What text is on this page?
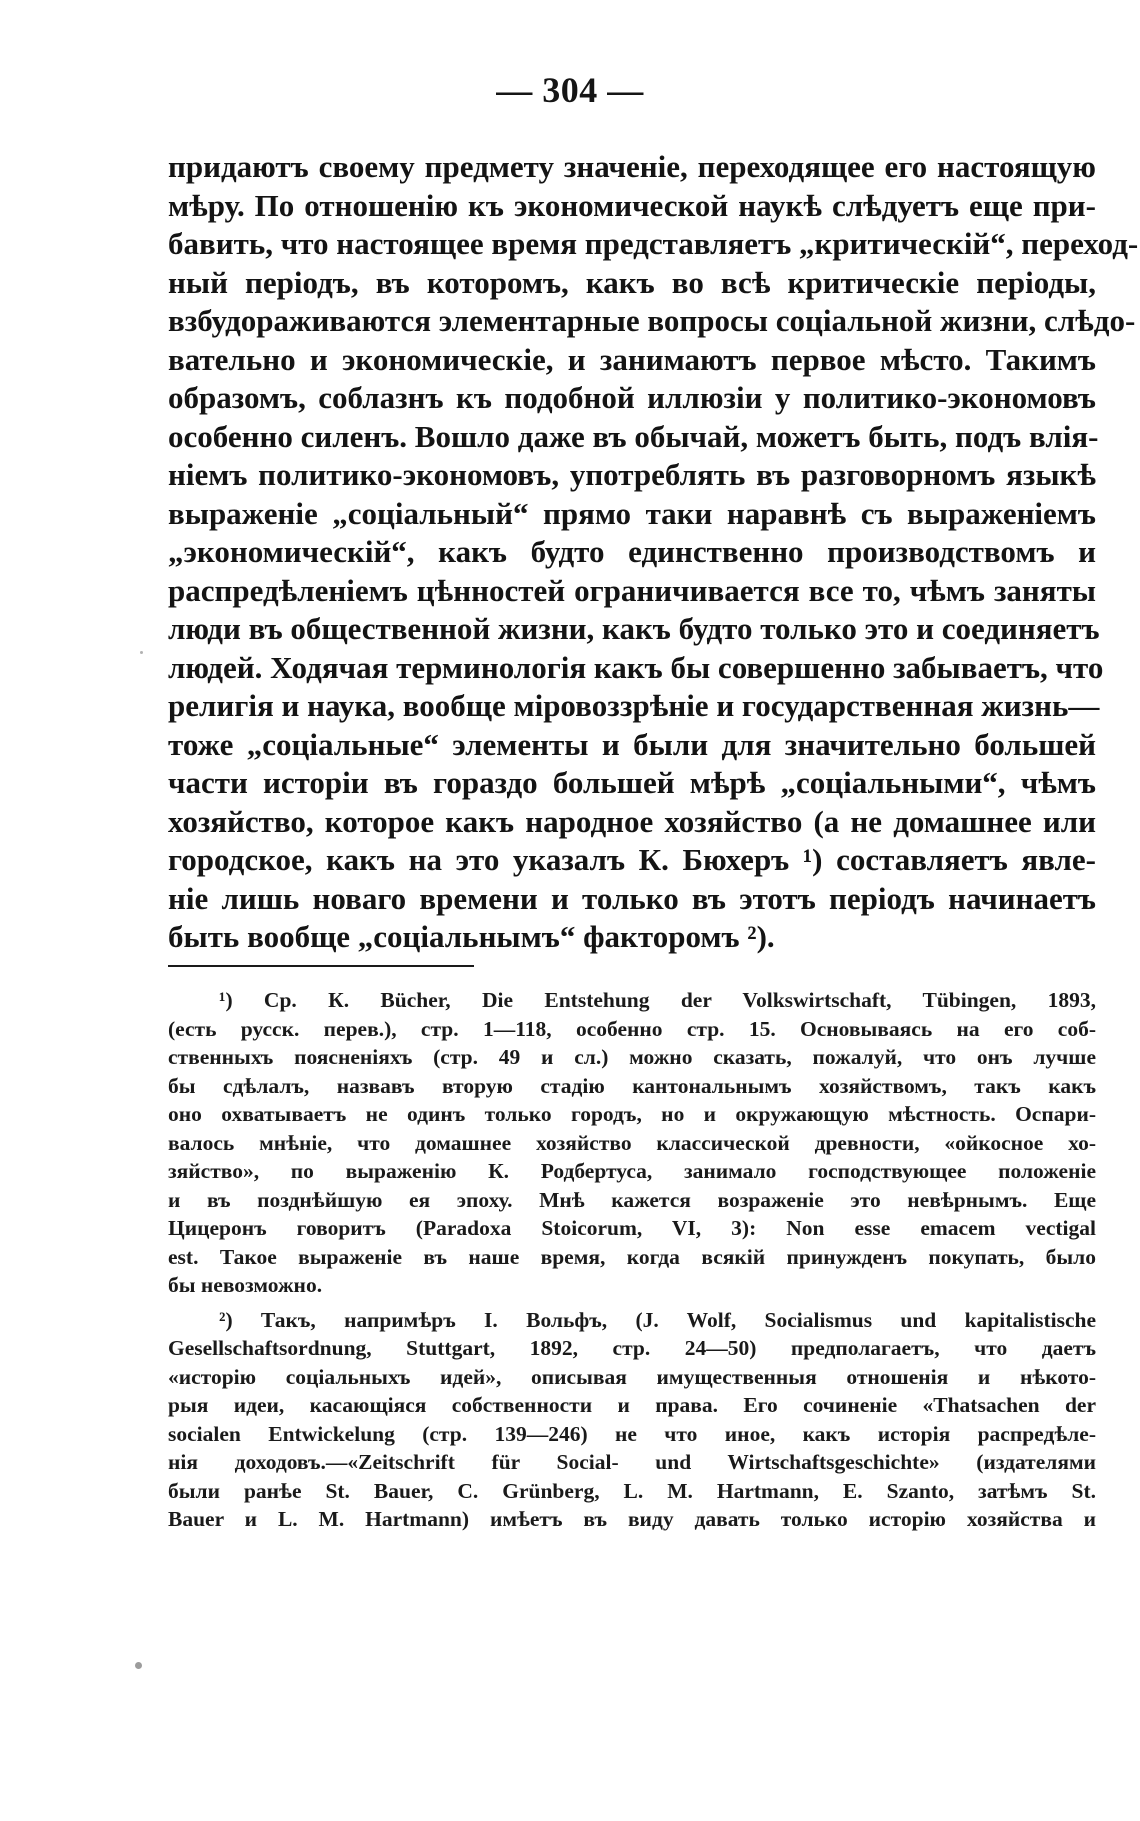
— 304 —
придаютъ своему предмету значеніе, переходящее его настоящую
мѣру. По отношенію къ экономической наукѣ слѣдуетъ еще при-
бавить, что настоящее время представляетъ „критическій“, переход-
ный періодъ, въ которомъ, какъ во всѣ критическіе періоды,
взбудораживаются элементарные вопросы соціальной жизни, слѣдо-
вательно и экономическіе, и занимаютъ первое мѣсто. Такимъ
образомъ, соблазнъ къ подобной иллюзіи у политико-экономовъ
особенно силенъ. Вошло даже въ обычай, можетъ быть, подъ влія-
ніемъ политико-экономовъ, употреблять въ разговорномъ языкѣ
выраженіе „соціальный“ прямо таки наравнѣ съ выраженіемъ
„экономическій“, какъ будто единственно производствомъ и
распредѣленіемъ цѣнностей ограничивается все то, чѣмъ заняты
люди въ общественной жизни, какъ будто только это и соединяетъ
людей. Ходячая терминологія какъ бы совершенно забываетъ, что
религія и наука, вообще міровоззрѣніе и государственная жизнь—
тоже „соціальные“ элементы и были для значительно большей
части исторіи въ гораздо большей мѣрѣ „соціальными“, чѣмъ
хозяйство, которое какъ народное хозяйство (а не домашнее или
городское, какъ на это указалъ К. Бюхеръ ¹) составляетъ явле-
ніе лишь новаго времени и только въ этотъ періодъ начинаетъ
быть вообще „соціальнымъ“ факторомъ ²).
¹) Ср. К. Bücher, Die Entstehung der Volkswirtschaft, Tübingen, 1893,
(есть русск. перев.), стр. 1—118, особенно стр. 15. Основываясь на его соб-
ственныхъ поясненіяхъ (стр. 49 и сл.) можно сказать, пожалуй, что онъ лучше
бы сдѣлалъ, назвавъ вторую стадію кантональнымъ хозяйствомъ, такъ какъ
оно охватываетъ не одинъ только городъ, но и окружающую мѣстность. Оспари-
валось мнѣніе, что домашнее хозяйство классической древности, «ойкосное хо-
зяйство», по выраженію К. Родбертуса, занимало господствующее положеніе
и въ позднѣйшую ея эпоху. Мнѣ кажется возраженіе это невѣрнымъ. Еще
Цицеронъ говоритъ (Paradoxa Stoicorum, VI, 3): Non esse emacem vectigal
est. Такое выраженіе въ наше время, когда всякій принужденъ покупать, было
бы невозможно.
²) Такъ, напримѣръ I. Вольфъ, (J. Wolf, Socialismus und kapitalistische
Gesellschaftsordnung, Stuttgart, 1892, стр. 24—50) предполагаетъ, что даетъ
«исторію соціальныхъ идей», описывая имущественныя отношенія и нѣкото-
рыя идеи, касающіяся собственности и права. Его сочиненіе «Thatsachen der
socialen Entwickelung (стр. 139—246) не что иное, какъ исторія распредѣле-
нія доходовъ.—«Zeitschrift für Social- und Wirtschaftsgeschichte» (издателями
были ранѣе St. Bauer, C. Grünberg, L. M. Hartmann, E. Szanto, затѣмъ St.
Bauer и L. M. Hartmann) имѣетъ въ виду давать только исторію хозяйства и
